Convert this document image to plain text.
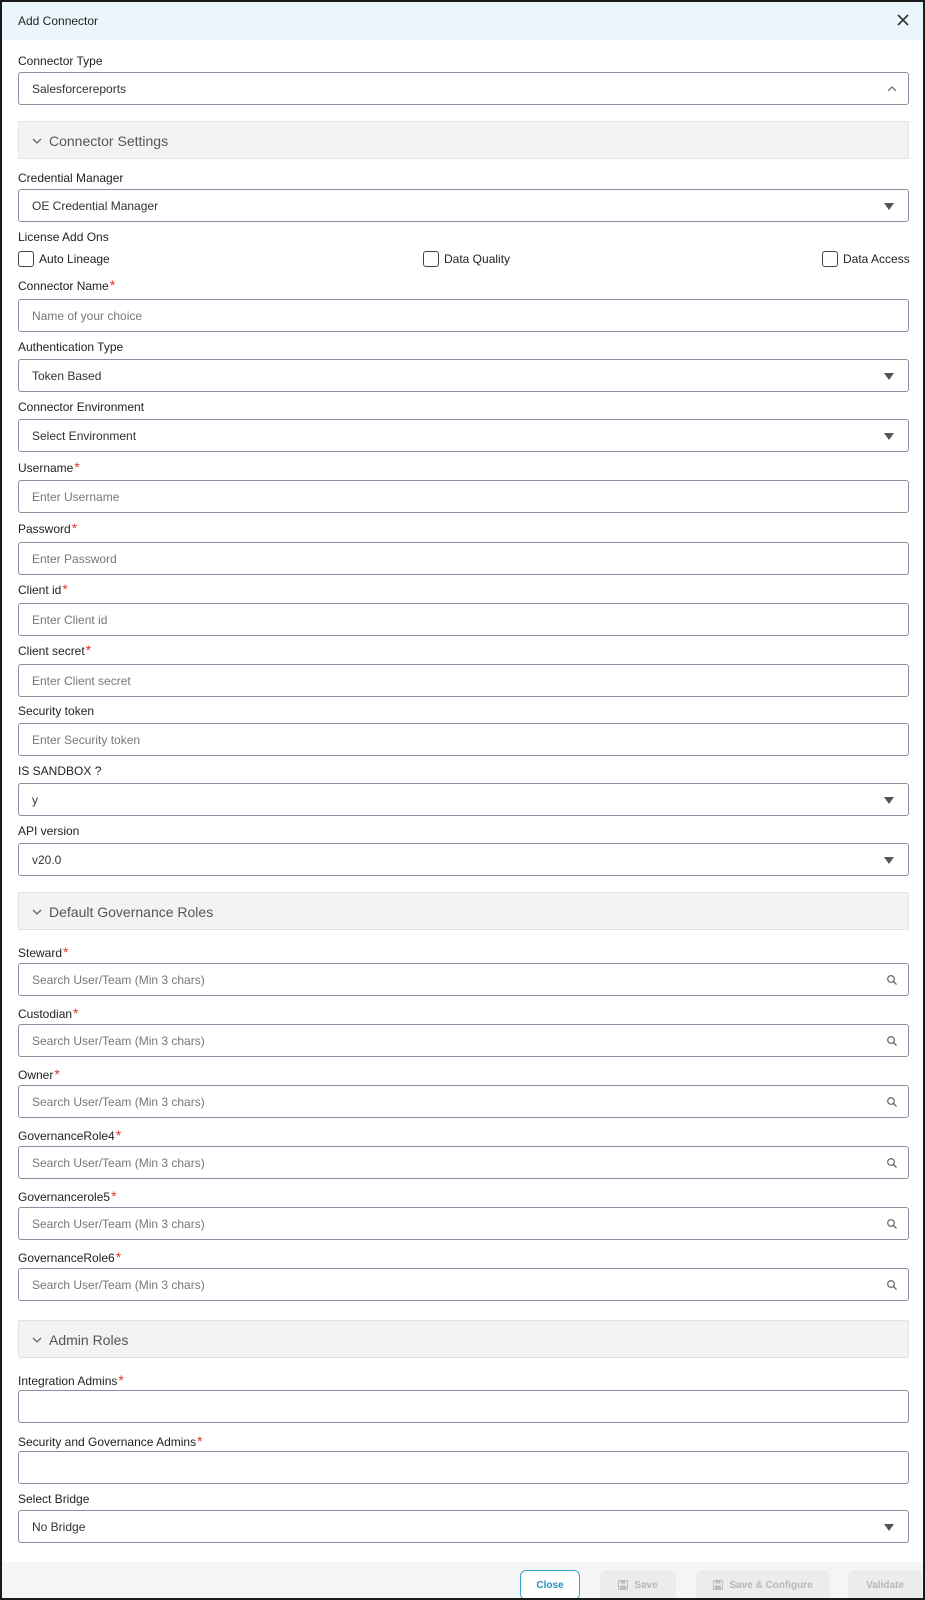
Add Connector
Connector Type
Salesforcereports
Connector Settings
Credential Manager
OE Credential Manager
License Add Ons
Auto Lineage	Data Quality	Data Access
Connector Name*
Name of your choice
Authentication Type
Token Based
Connector Environment
Select Environment
Username*
Enter Username
Password*
Enter Password
Client id*
Enter Client id
Client secret*
Enter Client secret
Security token
Enter Security token
IS SANDBOX ?
y
API version
v20.0
Default Governance Roles
Steward*
Search User/Team (Min 3 chars)
Custodian*
Search User/Team (Min 3 chars)
Owner*
Search User/Team (Min 3 chars)
GovernanceRole4*
Search User/Team (Min 3 chars)
Governancerole5*
Search User/Team (Min 3 chars)
GovernanceRole6*
Search User/Team (Min 3 chars)
Admin Roles
Integration Admins*
Security and Governance Admins*
Select Bridge
No Bridge
Close	Save	Save & Configure	Validate
